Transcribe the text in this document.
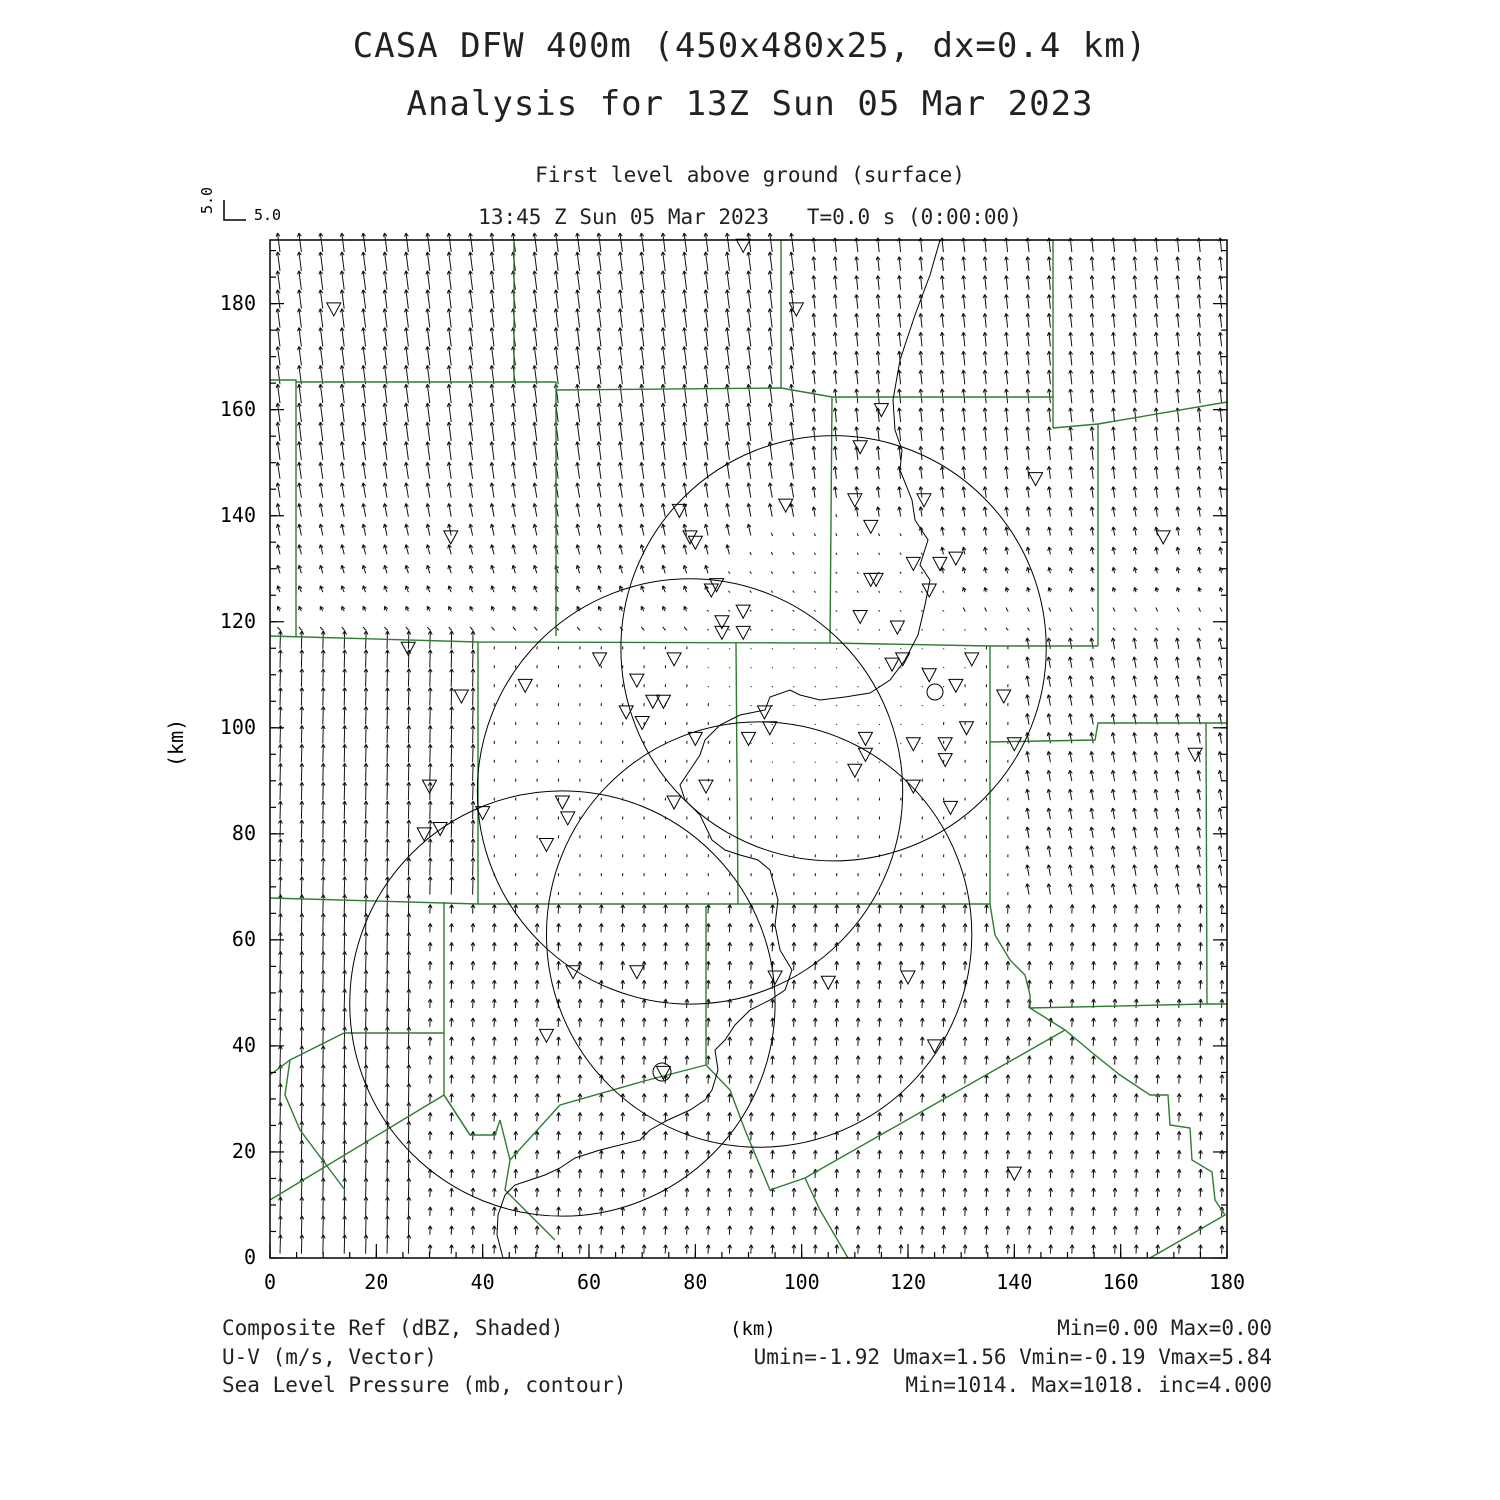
CASA DFW 400m (450x480x25, dx=0.4 km)
Analysis for 13Z Sun 05 Mar 2023
First level above ground (surface)
13:45 Z Sun 05 Mar 2023   T=0.0 s (0:00:00)
5.0
5.0
0	20	40	60	80	100	120	140	160	180
0
20
40
60
80
100
120
140
160
180
(km)
(km)
Composite Ref (dBZ, Shaded)	Min=0.00 Max=0.00
U-V (m/s, Vector)	Umin=-1.92 Umax=1.56 Vmin=-0.19 Vmax=5.84
Sea Level Pressure (mb, contour)	Min=1014. Max=1018. inc=4.000
